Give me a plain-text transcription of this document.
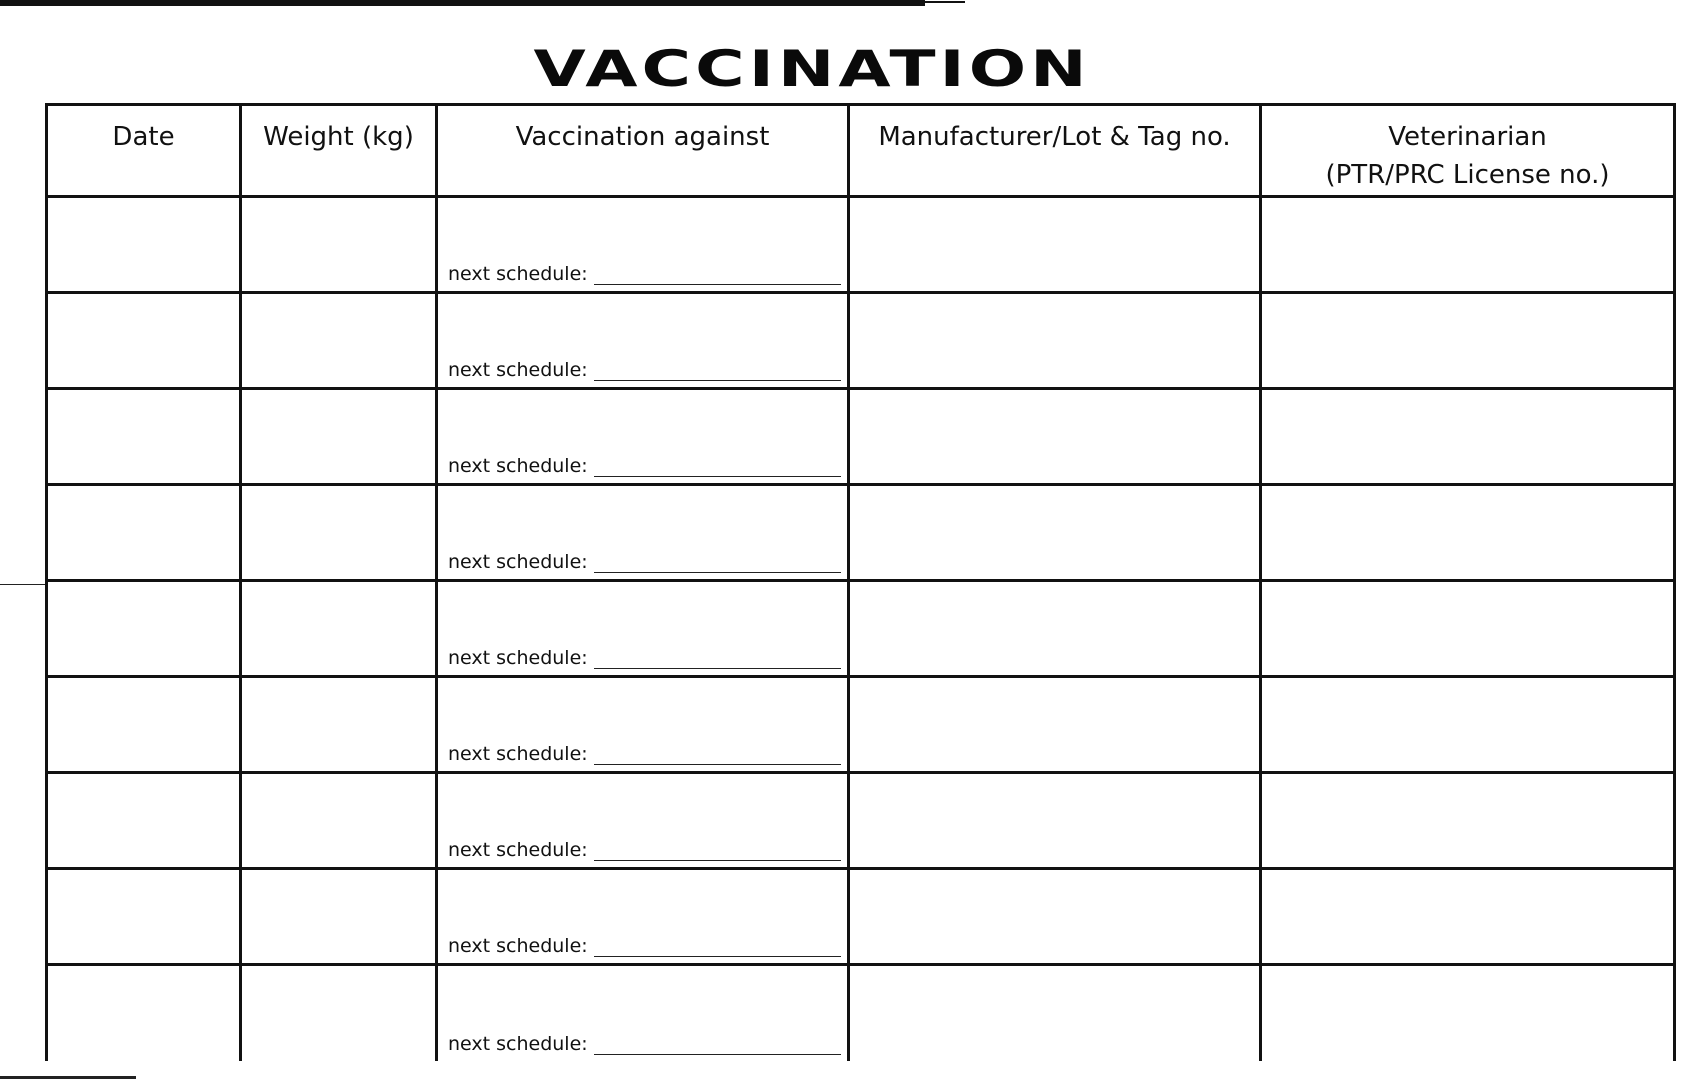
VACCINATION
Date	Weight (kg)	Vaccination against	Manufacturer/Lot & Tag no.	Veterinarian
(PTR/PRC License no.)

		next schedule:		

		next schedule:		

		next schedule:		

		next schedule:		

		next schedule:		

		next schedule:		

		next schedule:		

		next schedule:		

		next schedule:		
